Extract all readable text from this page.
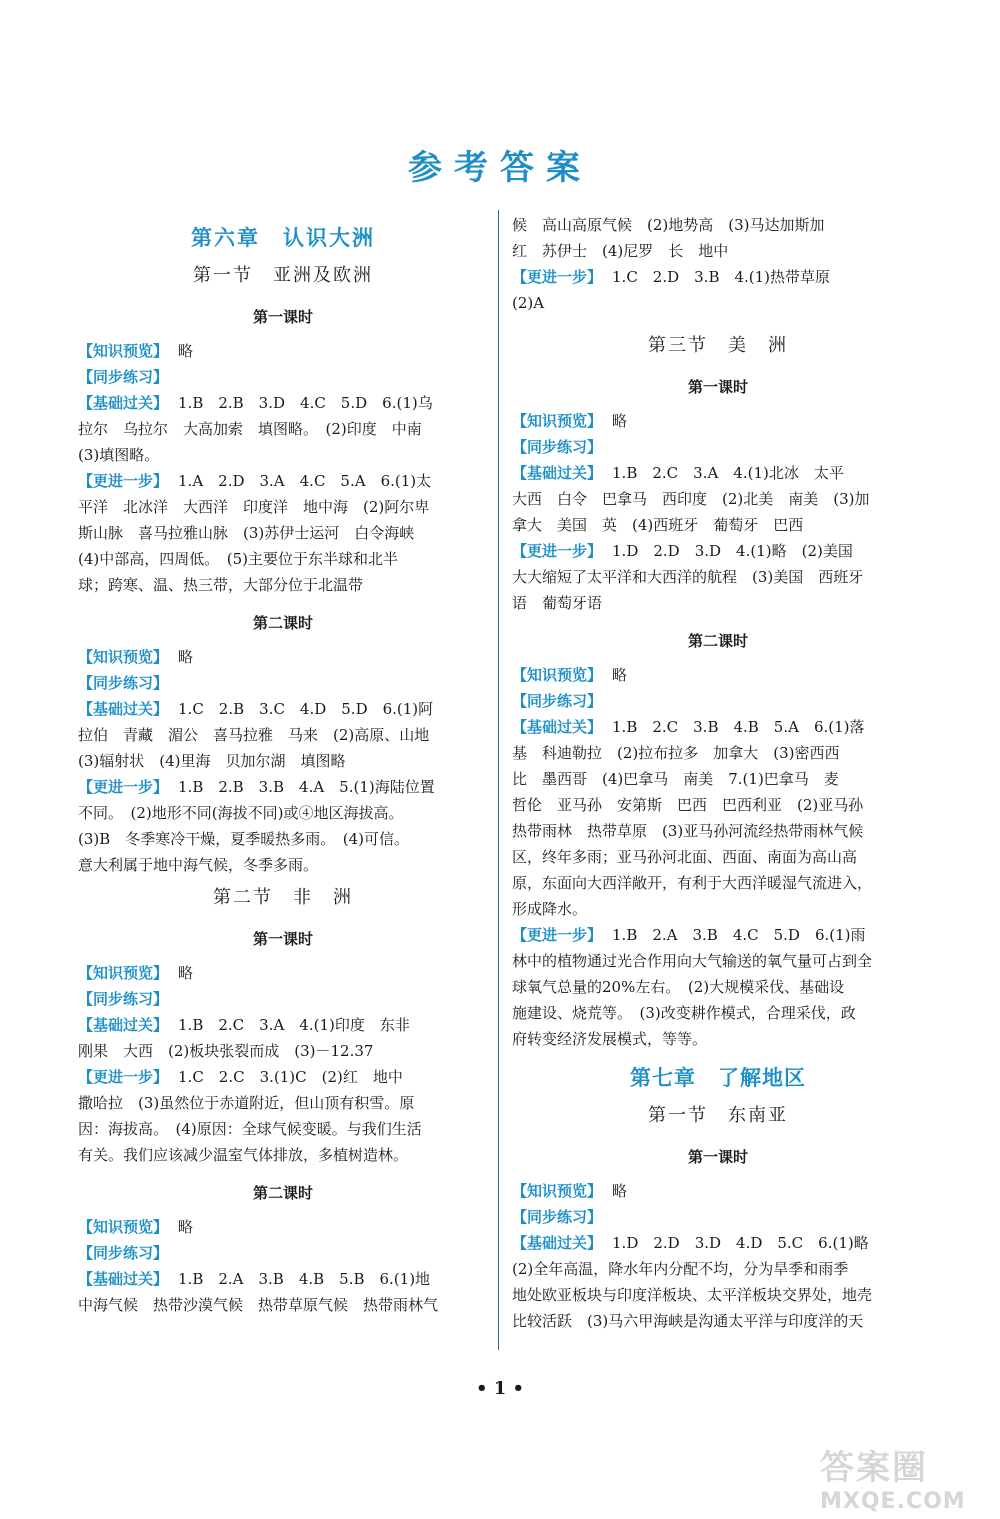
参考答案
第六章　认识大洲
第一节　亚洲及欧洲
第一课时
【知识预览】 略
【同步练习】
【基础过关】 1.B　2.B　3.D　4.C　5.D　6.(1)乌
拉尔　乌拉尔　大高加索　填图略。　(2)印度　中南
(3)填图略。
【更进一步】 1.A　2.D　3.A　4.C　5.A　6.(1)太
平洋　北冰洋　大西洋　印度洋　地中海　(2)阿尔卑
斯山脉　喜马拉雅山脉　(3)苏伊士运河　白令海峡
(4)中部高，四周低。　(5)主要位于东半球和北半
球；跨寒、温、热三带，大部分位于北温带
第二课时
【知识预览】 略
【同步练习】
【基础过关】 1.C　2.B　3.C　4.D　5.D　6.(1)阿
拉伯　青藏　湄公　喜马拉雅　马来　(2)高原、山地
(3)辐射状　(4)里海　贝加尔湖　填图略
【更进一步】 1.B　2.B　3.B　4.A　5.(1)海陆位置
不同。　(2)地形不同(海拔不同)或④地区海拔高。
(3)B　冬季寒冷干燥，夏季暖热多雨。　(4)可信。
意大利属于地中海气候，冬季多雨。
第二节　非　洲
第一课时
【知识预览】 略
【同步练习】
【基础过关】 1.B　2.C　3.A　4.(1)印度　东非
刚果　大西　(2)板块张裂而成　(3)－12.37
【更进一步】 1.C　2.C　3.(1)C　(2)红　地中
撒哈拉　(3)虽然位于赤道附近，但山顶有积雪。原
因：海拔高。　(4)原因：全球气候变暖。与我们生活
有关。我们应该减少温室气体排放，多植树造林。
第二课时
【知识预览】 略
【同步练习】
【基础过关】 1.B　2.A　3.B　4.B　5.B　6.(1)地
中海气候　热带沙漠气候　热带草原气候　热带雨林气
候　高山高原气候　(2)地势高　(3)马达加斯加
红　苏伊士　(4)尼罗　长　地中
【更进一步】 1.C　2.D　3.B　4.(1)热带草原
(2)A
第三节　美　洲
第一课时
【知识预览】 略
【同步练习】
【基础过关】 1.B　2.C　3.A　4.(1)北冰　太平
大西　白令　巴拿马　西印度　(2)北美　南美　(3)加
拿大　美国　英　(4)西班牙　葡萄牙　巴西
【更进一步】 1.D　2.D　3.D　4.(1)略　(2)美国
大大缩短了太平洋和大西洋的航程　(3)美国　西班牙
语　葡萄牙语
第二课时
【知识预览】 略
【同步练习】
【基础过关】 1.B　2.C　3.B　4.B　5.A　6.(1)落
基　科迪勒拉　(2)拉布拉多　加拿大　(3)密西西
比　墨西哥　(4)巴拿马　南美　7.(1)巴拿马　麦
哲伦　亚马孙　安第斯　巴西　巴西利亚　(2)亚马孙
热带雨林　热带草原　(3)亚马孙河流经热带雨林气候
区，终年多雨；亚马孙河北面、西面、南面为高山高
原，东面向大西洋敞开，有利于大西洋暖湿气流进入，
形成降水。
【更进一步】 1.B　2.A　3.B　4.C　5.D　6.(1)雨
林中的植物通过光合作用向大气输送的氧气量可占到全
球氧气总量的20%左右。　(2)大规模采伐、基础设
施建设、烧荒等。　(3)改变耕作模式，合理采伐，政
府转变经济发展模式，等等。
第七章　了解地区
第一节　东南亚
第一课时
【知识预览】 略
【同步练习】
【基础过关】 1.D　2.D　3.D　4.D　5.C　6.(1)略
(2)全年高温，降水年内分配不均，分为旱季和雨季
地处欧亚板块与印度洋板块、太平洋板块交界处，地壳
比较活跃　(3)马六甲海峡是沟通太平洋与印度洋的天
• 1 •
答案圈
MXQE.COM
